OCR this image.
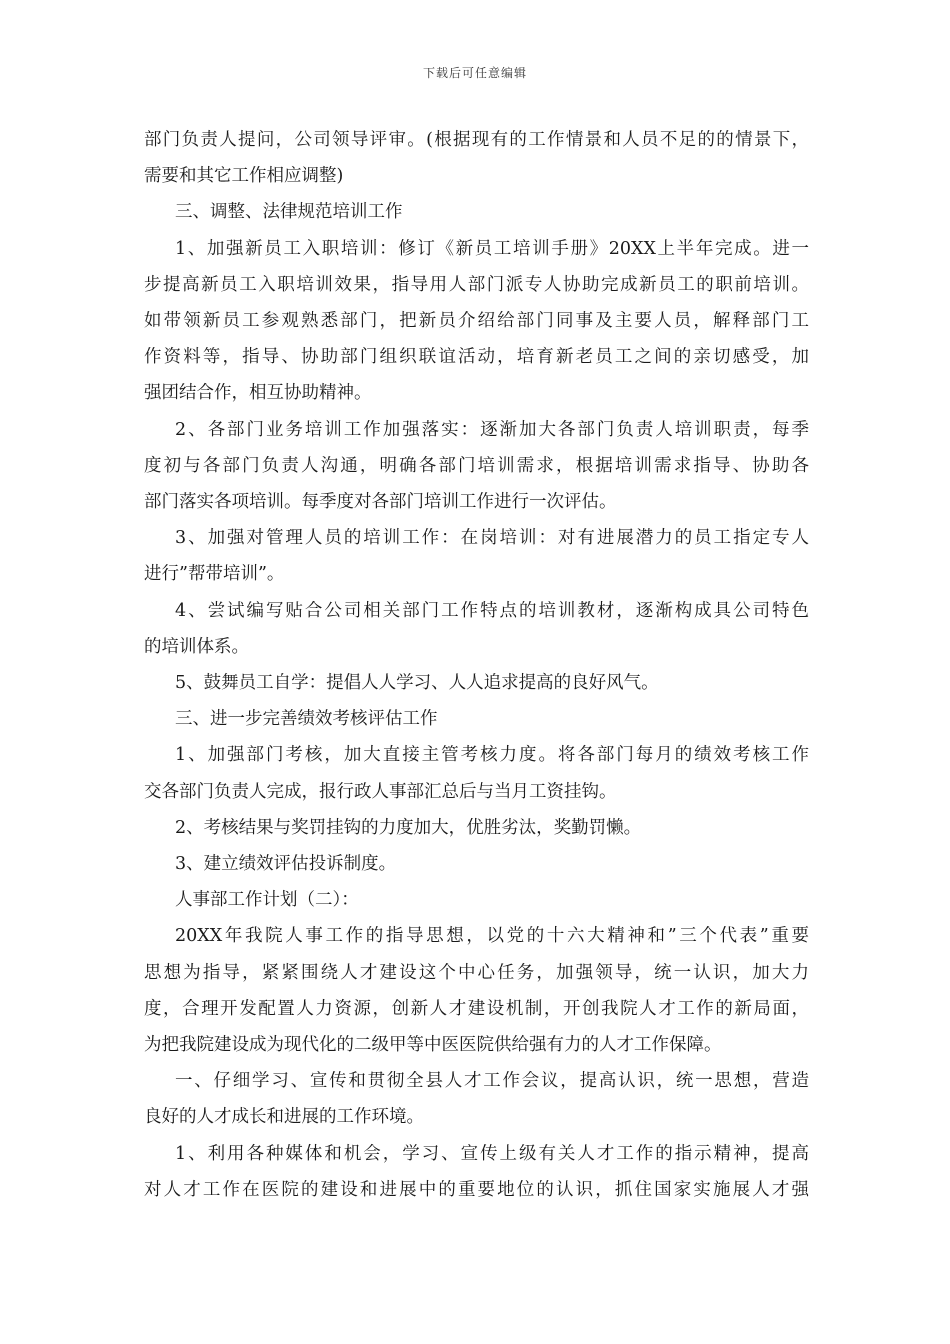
下载后可任意编辑
部门负责人提问，公司领导评审。(根据现有的工作情景和人员不足的的情景下，
需要和其它工作相应调整)
三、调整、法律规范培训工作
1、加强新员工入职培训：修订《新员工培训手册》20XX上半年完成。进一
步提高新员工入职培训效果，指导用人部门派专人协助完成新员工的职前培训。
如带领新员工参观熟悉部门，把新员介绍给部门同事及主要人员，解释部门工
作资料等，指导、协助部门组织联谊活动，培育新老员工之间的亲切感受，加
强团结合作，相互协助精神。
2、各部门业务培训工作加强落实：逐渐加大各部门负责人培训职责，每季
度初与各部门负责人沟通，明确各部门培训需求，根据培训需求指导、协助各
部门落实各项培训。每季度对各部门培训工作进行一次评估。
3、加强对管理人员的培训工作：在岗培训：对有进展潜力的员工指定专人
进行”帮带培训”。
4、尝试编写贴合公司相关部门工作特点的培训教材，逐渐构成具公司特色
的培训体系。
5、鼓舞员工自学：提倡人人学习、人人追求提高的良好风气。
三、进一步完善绩效考核评估工作
1、加强部门考核，加大直接主管考核力度。将各部门每月的绩效考核工作
交各部门负责人完成，报行政人事部汇总后与当月工资挂钩。
2、考核结果与奖罚挂钩的力度加大，优胜劣汰，奖勤罚懒。
3、建立绩效评估投诉制度。
人事部工作计划（二）：
20XX年我院人事工作的指导思想，以党的十六大精神和”三个代表”重要
思想为指导，紧紧围绕人才建设这个中心任务，加强领导，统一认识，加大力
度，合理开发配置人力资源，创新人才建设机制，开创我院人才工作的新局面，
为把我院建设成为现代化的二级甲等中医医院供给强有力的人才工作保障。
一、仔细学习、宣传和贯彻全县人才工作会议，提高认识，统一思想，营造
良好的人才成长和进展的工作环境。
1、利用各种媒体和机会，学习、宣传上级有关人才工作的指示精神，提高
对人才工作在医院的建设和进展中的重要地位的认识，抓住国家实施展人才强
